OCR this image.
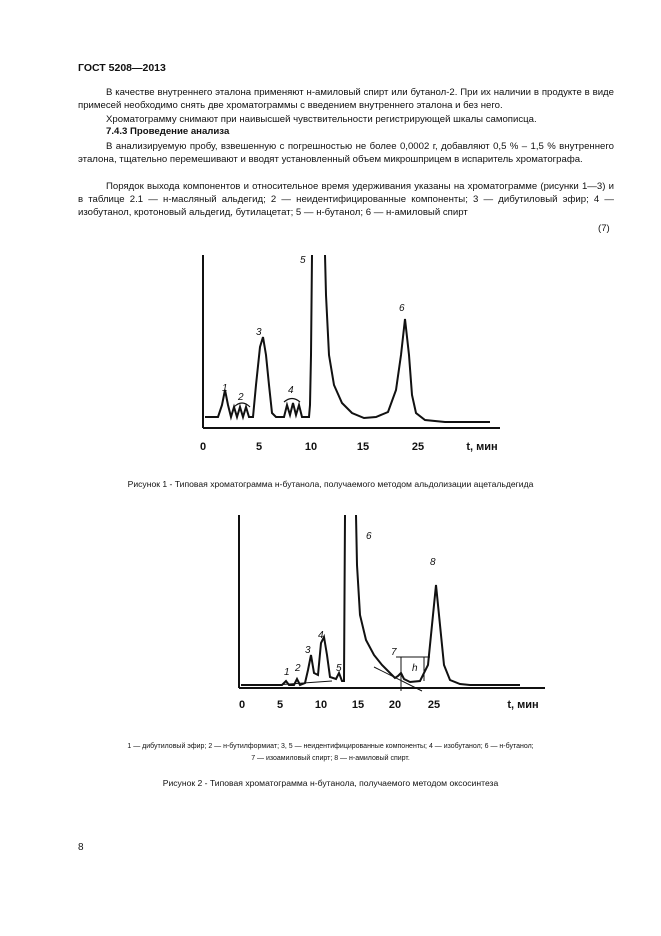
ГОСТ 5208—2013
В качестве внутреннего эталона применяют н-амиловый спирт или бутанол-2. При их наличии в продукте в виде примесей необходимо снять две хроматограммы с введением внутреннего эталона и без него.
Хроматограмму снимают при наивысшей чувствительности регистрирующей шкалы самописца.
7.4.3 Проведение анализа
В анализируемую пробу, взвешенную с погрешностью не более 0,0002 г, добавляют 0,5 % – 1,5 % внутреннего эталона, тщательно перемешивают и вводят установленный объем микрошприцем в испаритель хроматографа.
Порядок выхода компонентов и относительное время удерживания указаны на хроматограмме (рисунки 1—3) и в таблице 2.1 — н-масляный альдегид; 2 — неидентифицированные компоненты; 3 — дибутиловый эфир; 4 — изобутанол, кротоновый альдегид, бутилацетат; 5 — н-бутанол; 6 — н-амиловый спирт
(7)
1
2
3
4
5
6
0	5	10	15	25	t, мин
Рисунок 1 - Типовая хроматограмма н-бутанола, получаемого методом альдолизации ацетальдегида
1 2
3
4
5
6
7
8
h
0	5	10 15 20 25	t, мин
1 — дибутиловый эфир; 2 — н-бутилформиат; 3, 5 — неидентифицированные компоненты; 4 — изобутанол; 6 — н-бутанол;
7 — изоамиловый спирт; 8 — н-амиловый спирт.
Рисунок 2 - Типовая хроматограмма н-бутанола, получаемого методом оксосинтеза
8
